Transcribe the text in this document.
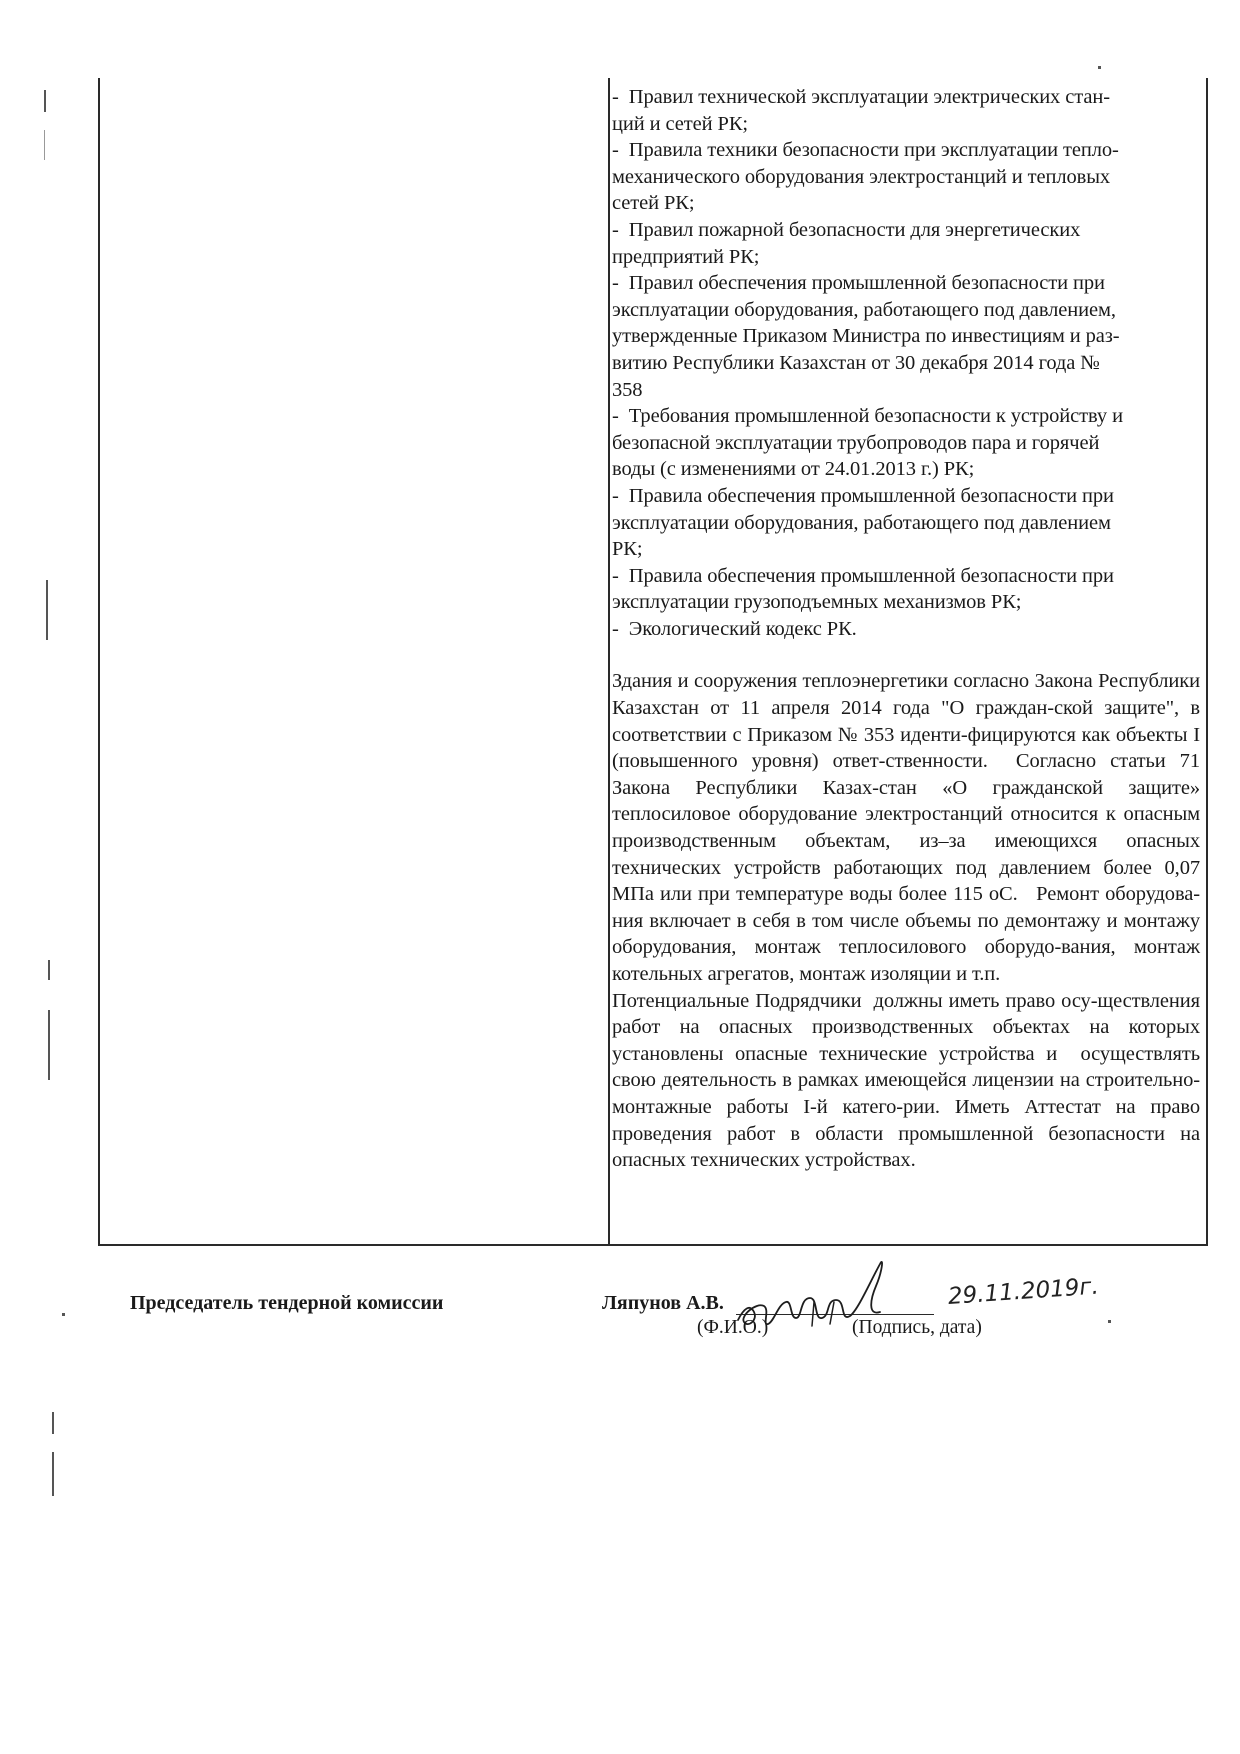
-  Правил технической эксплуатации электрических стан-
ций и сетей РК;
-  Правила техники безопасности при эксплуатации тепло-
механического оборудования электростанций и тепловых
сетей РК;
-  Правил пожарной безопасности для энергетических
предприятий РК;
-  Правил обеспечения промышленной безопасности при
эксплуатации оборудования, работающего под давлением,
утвержденные Приказом Министра по инвестициям и раз-
витию Республики Казахстан от 30 декабря 2014 года №
358
-  Требования промышленной безопасности к устройству и
безопасной эксплуатации трубопроводов пара и горячей
воды (с изменениями от 24.01.2013 г.) РК;
-  Правила обеспечения промышленной безопасности при
эксплуатации оборудования, работающего под давлением
РК;
-  Правила обеспечения промышленной безопасности при
эксплуатации грузоподъемных механизмов РК;
-  Экологический кодекс РК.
Здания и сооружения теплоэнергетики согласно Закона Республики Казахстан от 11 апреля 2014 года "О граждан-ской защите", в соответствии с Приказом № 353 иденти-фицируются как объекты I (повышенного уровня) ответ-ственности.  Согласно статьи 71 Закона Республики Казах-стан «О гражданской защите» теплосиловое оборудование электростанций относится к опасным производственным объектам, из–за имеющихся опасных технических устройств работающих под давлением более 0,07 МПа или при температуре воды более 115 оС.   Ремонт оборудова-ния включает в себя в том числе объемы по демонтажу и монтажу оборудования, монтаж теплосилового оборудо-вания, монтаж котельных агрегатов, монтаж изоляции и т.п.
Потенциальные Подрядчики  должны иметь право осу-ществления работ на опасных производственных объектах на которых установлены опасные технические устройства и  осуществлять свою деятельность в рамках имеющейся лицензии на строительно-монтажные работы I-й катего-рии. Иметь Аттестат на право проведения работ в области промышленной безопасности на опасных технических устройствах.
Председатель тендерной комиссии	Ляпунов А.В.	29.11.2019г.
(Ф.И.О.)	(Подпись, дата)
